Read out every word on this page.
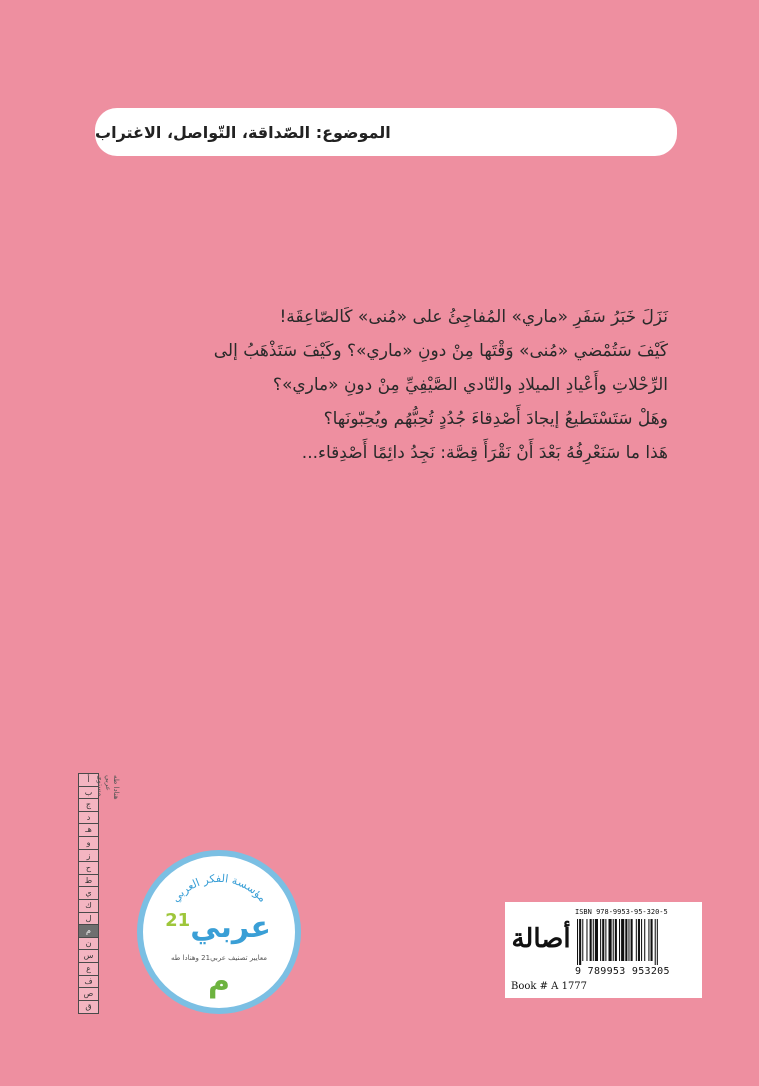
الموضوع: الصّداقة، التّواصل، الاغتراب

نَزَلَ خَبَرُ سَفَرِ «ماري» المُفاجِئُ على «مُنى» كَالصّاعِقَة!

كَيْفَ سَتُمْضي «مُنى» وَقْتَها مِنْ دونِ «ماري»؟ وكَيْفَ سَتَذْهَبُ إلى

الرِّحْلاتِ وأَعْيادِ الميلادِ والنّادي الصَّيْفِيِّ مِنْ دونِ «ماري»؟

وهَلْ سَتَسْتَطيعُ إيجادَ أَصْدِقاءَ جُدُدٍ تُحِبُّهُم ويُحِبّونَها؟

هَذا ما سَنَعْرِفُهُ بَعْدَ أَنْ نَقْرَأَ قِصَّة: نَجِدُ دائِمًا أَصْدِقاء...

أ
ب
ج
د
هـ
و
ز
ح
ط
ي
ك
ل
م
ن
س
ع
ف
ص
ق
هنادا طه
عربي
مستوى
مؤسسة الفكر العربي
عربي$^{21}$
معايير تصنيف عربي21 وهنادا طه
م
أصالة
ISBN 978-9953-95-320-5
9 789953 953205
Book # A 1777
